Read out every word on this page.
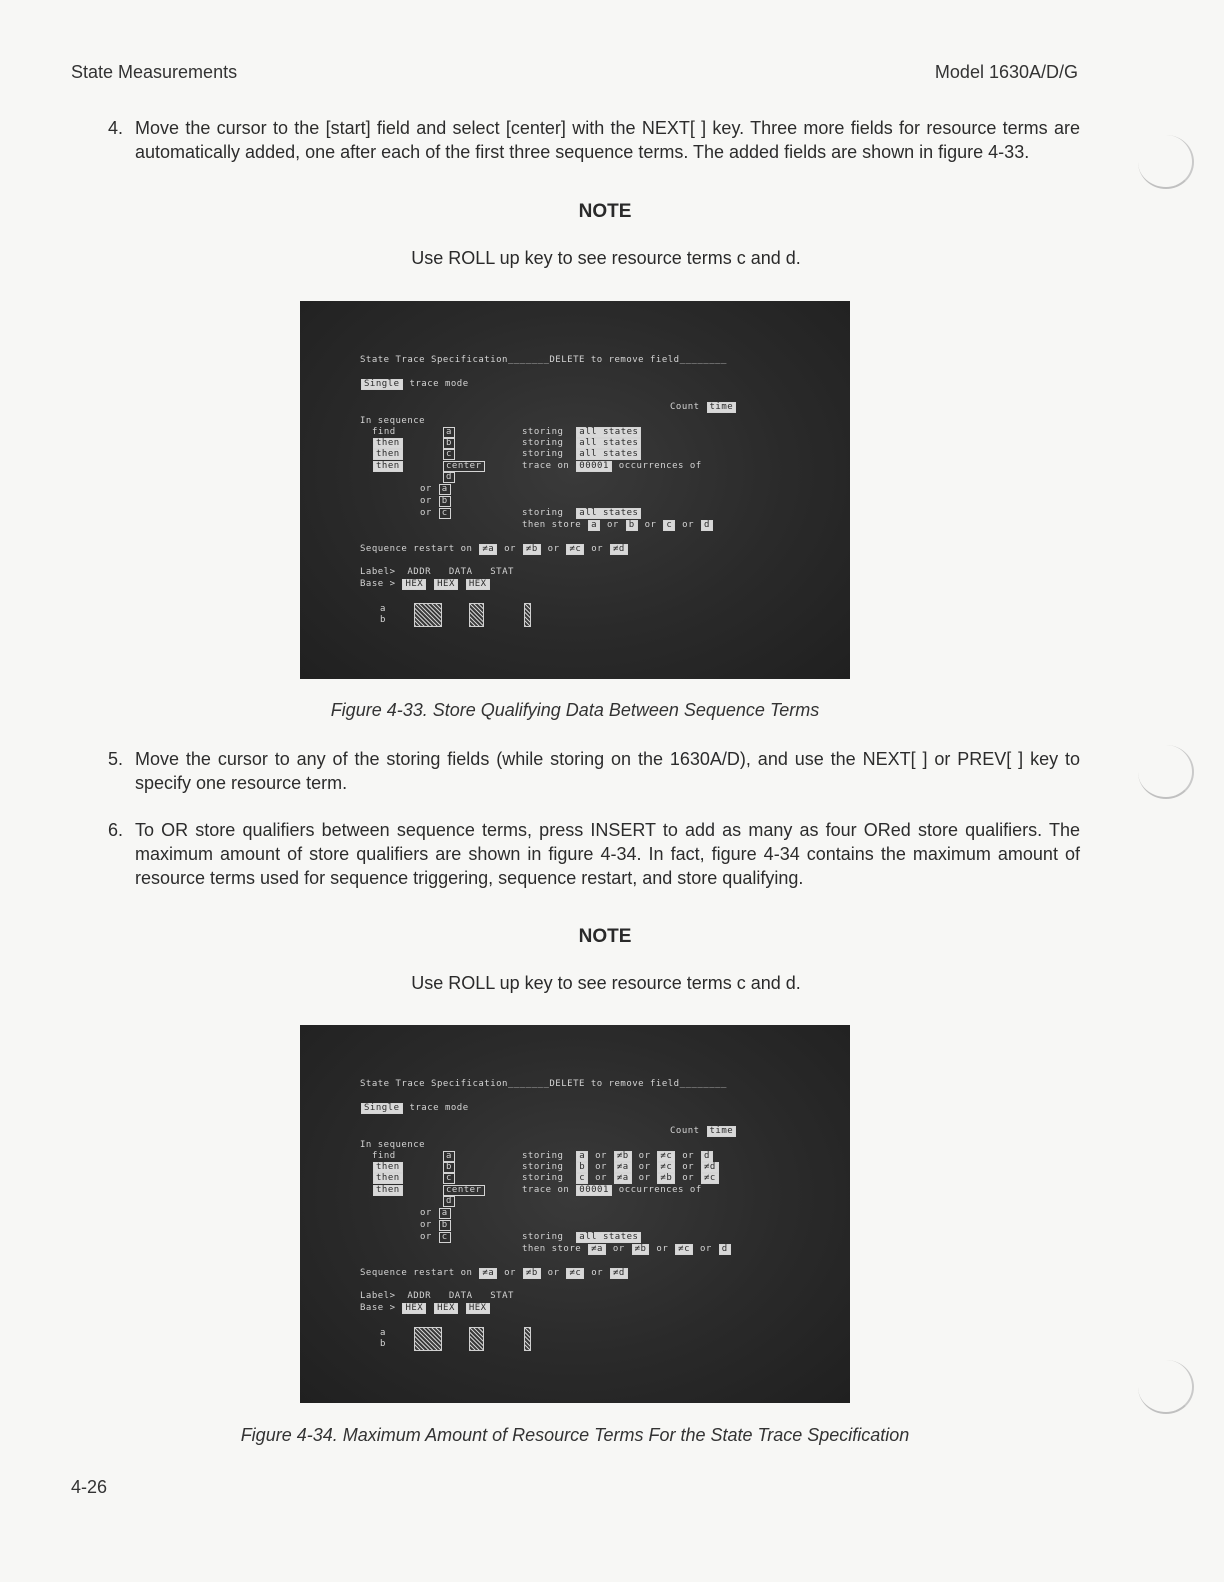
State Measurements	Model 1630A/D/G
4. Move the cursor to the [start] field and select [center] with the NEXT[ ] key. Three more fields for resource terms are automatically added, one after each of the first three sequence terms. The added fields are shown in figure 4-33.
NOTE
Use ROLL up key to see resource terms c and d.
State Trace Specification_______DELETE to remove field________
Single trace mode
Count time
In sequence
find	a	storing all states
then	b	storing all states
then	c	storing all states
then	center	trace on 00001 occurrences of
d
or a
or b
or c	storing all states
then store a or b or c or d
Sequence restart on ≠a or ≠b or ≠c or ≠d
Label> ADDR DATA STAT
Base > HEX HEX HEX
a
b
Figure 4-33. Store Qualifying Data Between Sequence Terms
5. Move the cursor to any of the storing fields (while storing on the 1630A/D), and use the NEXT[ ] or PREV[ ] key to specify one resource term.
6. To OR store qualifiers between sequence terms, press INSERT to add as many as four ORed store qualifiers. The maximum amount of store qualifiers are shown in figure 4-34. In fact, figure 4-34 contains the maximum amount of resource terms used for sequence triggering, sequence restart, and store qualifying.
NOTE
Use ROLL up key to see resource terms c and d.
State Trace Specification_______DELETE to remove field________
Single trace mode
Count time
In sequence
find	a	storing a or ≠b or ≠c or d
then	b	storing b or ≠a or ≠c or ≠d
then	c	storing c or ≠a or ≠b or ≠c
then	center	trace on 00001 occurrences of
d
or a
or b
or c	storing all states
then store ≠a or ≠b or ≠c or d
Sequence restart on ≠a or ≠b or ≠c or ≠d
Label> ADDR DATA STAT
Base > HEX HEX HEX
a
b
Figure 4-34. Maximum Amount of Resource Terms For the State Trace Specification
4-26
